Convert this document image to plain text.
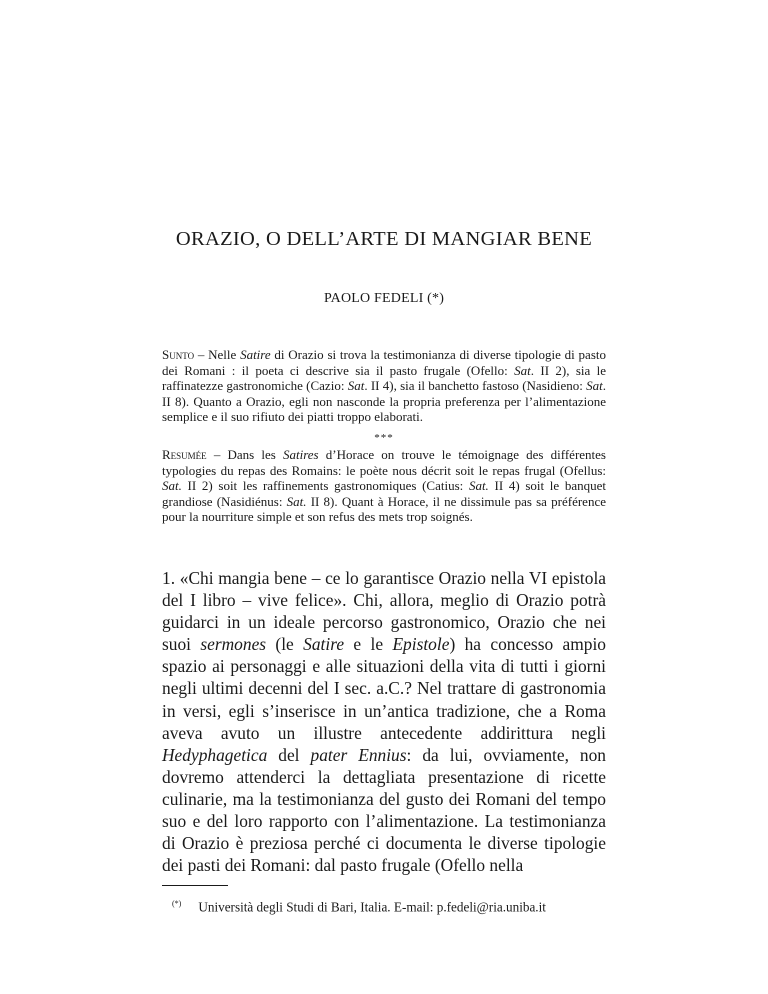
ORAZIO, O DELL’ARTE DI MANGIAR BENE
PAOLO FEDELI (*)

Sunto – Nelle Satire di Orazio si trova la testimonianza di diverse tipologie di pasto dei Romani : il poeta ci descrive sia il pasto frugale (Ofello: Sat. II 2), sia le raffinatezze gastronomiche (Cazio: Sat. II 4), sia il banchetto fastoso (Nasidieno: Sat. II 8). Quanto a Orazio, egli non nasconde la propria preferenza per l’alimentazione semplice e il suo rifiuto dei piatti troppo elaborati.

***

Resumée – Dans les Satires d’Horace on trouve le témoignage des différentes typologies du repas des Romains: le poète nous décrit soit le repas frugal (Ofellus: Sat. II 2) soit les raffinements gastronomiques (Catius: Sat. II 4) soit le banquet grandiose (Nasidiénus: Sat. II 8). Quant à Horace, il ne dissimule pas sa préférence pour la nourriture simple et son refus des mets trop soignés.

1. «Chi mangia bene – ce lo garantisce Orazio nella VI epistola del I libro – vive felice». Chi, allora, meglio di Orazio potrà guidarci in un ideale percorso gastronomico, Orazio che nei suoi sermones (le Satire e le Epistole) ha concesso ampio spazio ai personaggi e alle situazioni della vita di tutti i giorni negli ultimi decenni del I sec. a.C.? Nel trattare di gastronomia in versi, egli s’inserisce in un’antica tradizione, che a Roma aveva avuto un illustre antecedente addirittura negli Hedyphagetica del pater Ennius: da lui, ovviamente, non dovremo attenderci la dettagliata presentazione di ricette culinarie, ma la testimonianza del gusto dei Romani del tempo suo e del loro rapporto con l’alimentazione. La testimonianza di Orazio è preziosa perché ci documenta le diverse tipologie dei pasti dei Romani: dal pasto frugale (Ofello nella

(*) Università degli Studi di Bari, Italia. E-mail: p.fedeli@ria.uniba.it
